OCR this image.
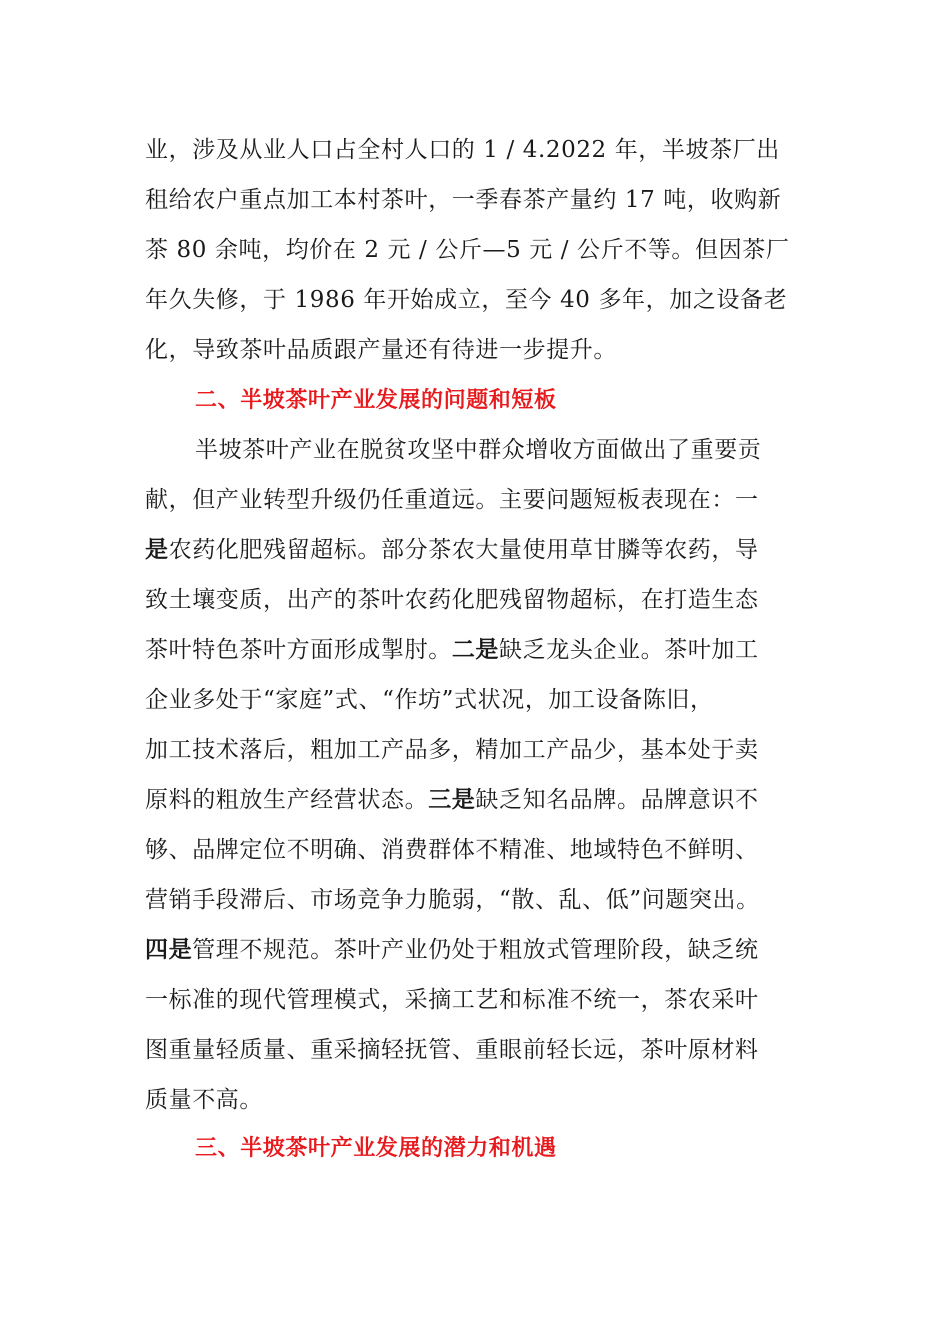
业，涉及从业人口占全村人口的 1 / 4.2022 年，半坡茶厂出
租给农户重点加工本村茶叶，一季春茶产量约 17 吨，收购新
茶 80 余吨，均价在 2 元 / 公斤—5 元 / 公斤不等。但因茶厂
年久失修，于 1986 年开始成立，至今 40 多年，加之设备老
化，导致茶叶品质跟产量还有待进一步提升。
二、半坡茶叶产业发展的问题和短板
半坡茶叶产业在脱贫攻坚中群众增收方面做出了重要贡
献，但产业转型升级仍任重道远。主要问题短板表现在：一
是农药化肥残留超标。部分茶农大量使用草甘膦等农药，导
致土壤变质，出产的茶叶农药化肥残留物超标，在打造生态
茶叶特色茶叶方面形成掣肘。二是缺乏龙头企业。茶叶加工
企业多处于“家庭”式、“作坊”式状况，加工设备陈旧，
加工技术落后，粗加工产品多，精加工产品少，基本处于卖
原料的粗放生产经营状态。三是缺乏知名品牌。品牌意识不
够、品牌定位不明确、消费群体不精准、地域特色不鲜明、
营销手段滞后、市场竞争力脆弱，“散、乱、低”问题突出。
四是管理不规范。茶叶产业仍处于粗放式管理阶段，缺乏统
一标准的现代管理模式，采摘工艺和标准不统一，茶农采叶
图重量轻质量、重采摘轻抚管、重眼前轻长远，茶叶原材料
质量不高。
三、半坡茶叶产业发展的潜力和机遇
